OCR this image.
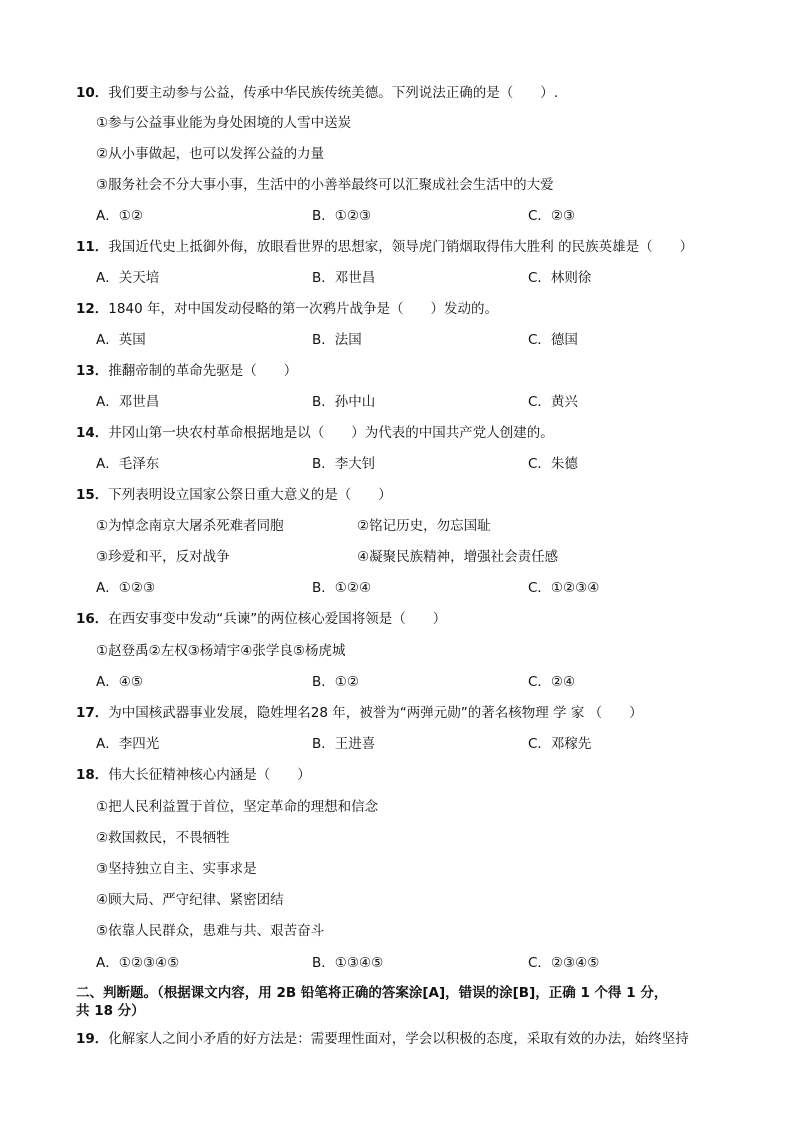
10．我们要主动参与公益，传承中华民族传统美德。下列说法正确的是（　　）.
①参与公益事业能为身处困境的人雪中送炭
②从小事做起，也可以发挥公益的力量
③服务社会不分大事小事，生活中的小善举最终可以汇聚成社会生活中的大爱
A．①②	B．①②③	C．②③
11．我国近代史上抵御外侮，放眼看世界的思想家，领导虎门销烟取得伟大胜利 的民族英雄是（　　）
A．关天培	B．邓世昌	C．林则徐
12．1840 年，对中国发动侵略的第一次鸦片战争是（　　）发动的。
A．英国	B．法国	C．德国
13．推翻帝制的革命先驱是（　　）
A．邓世昌	B．孙中山	C．黄兴
14．井冈山第一块农村革命根据地是以（　　）为代表的中国共产党人创建的。
A．毛泽东	B．李大钊	C．朱德
15．下列表明设立国家公祭日重大意义的是（　　）
①为悼念南京大屠杀死难者同胞	②铭记历史，勿忘国耻
③珍爱和平，反对战争	④凝聚民族精神，增强社会责任感
A．①②③	B．①②④	C．①②③④
16．在西安事变中发动“兵谏”的两位核心爱国将领是（　　）
①赵登禹②左权③杨靖宇④张学良⑤杨虎城
A．④⑤	B．①②	C．②④
17．为中国核武器事业发展，隐姓埋名28 年，被誉为“两弹元勋”的著名核物理 学 家 （　　）
A．李四光	B．王进喜	C．邓稼先
18．伟大长征精神核心内涵是（　　）
①把人民利益置于首位，坚定革命的理想和信念
②救国救民，不畏牺牲
③坚持独立自主、实事求是
④顾大局、严守纪律、紧密团结
⑤依靠人民群众，患难与共、艰苦奋斗
A．①②③④⑤	B．①③④⑤	C．②③④⑤
二、判断题。（根据课文内容，用 2B 铅笔将正确的答案涂[A]，错误的涂[B]，正确 1 个得 1 分，
共 18 分）
19．化解家人之间小矛盾的好方法是：需要理性面对，学会以积极的态度，采取有效的办法，始终坚持
